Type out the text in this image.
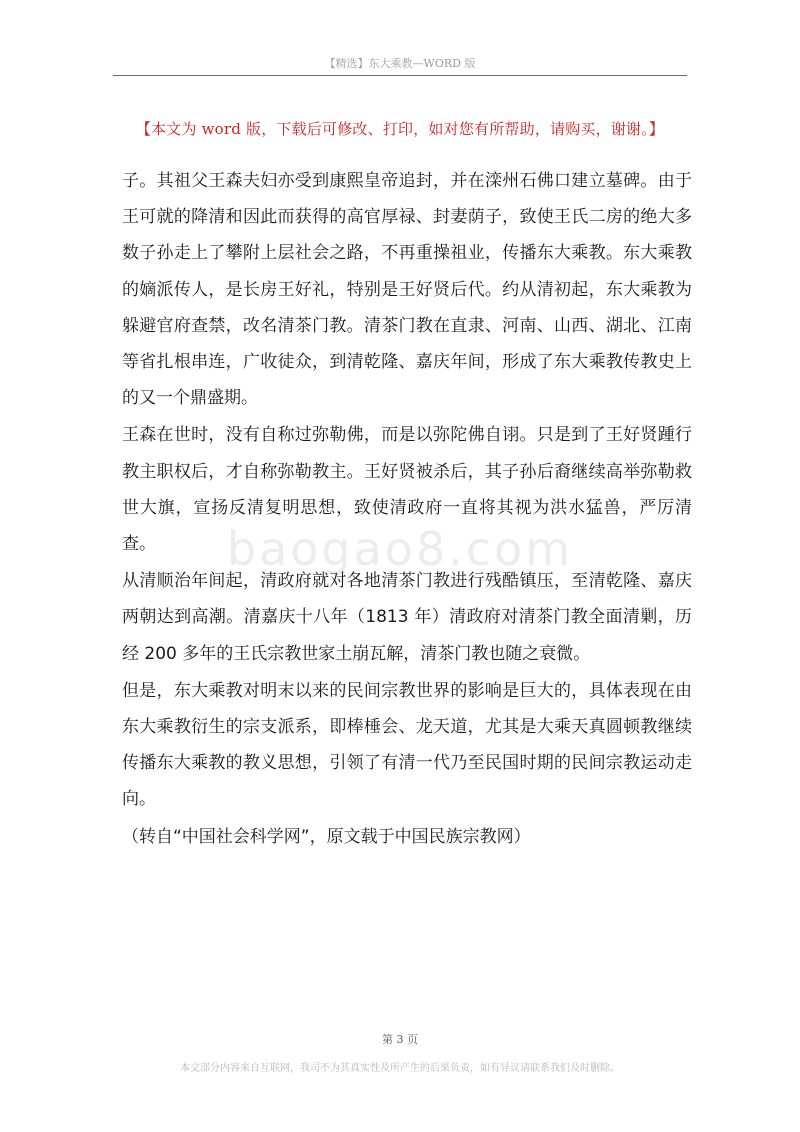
【精选】东大乘教—WORD 版
【本文为 word 版，下载后可修改、打印，如对您有所帮助，请购买，谢谢。】
baogao8.com

子。其祖父王森夫妇亦受到康熙皇帝追封，并在滦州石佛口建立墓碑。由于王可就的降清和因此而获得的高官厚禄、封妻荫子，致使王氏二房的绝大多数子孙走上了攀附上层社会之路，不再重操祖业，传播东大乘教。东大乘教的嫡派传人，是长房王好礼，特别是王好贤后代。约从清初起，东大乘教为躲避官府查禁，改名清茶门教。清茶门教在直隶、河南、山西、湖北、江南等省扎根串连，广收徒众，到清乾隆、嘉庆年间，形成了东大乘教传教史上的又一个鼎盛期。

王森在世时，没有自称过弥勒佛，而是以弥陀佛自诩。只是到了王好贤踵行教主职权后，才自称弥勒教主。王好贤被杀后，其子孙后裔继续高举弥勒救世大旗，宣扬反清复明思想，致使清政府一直将其视为洪水猛兽，严厉清查。

从清顺治年间起，清政府就对各地清茶门教进行残酷镇压，至清乾隆、嘉庆两朝达到高潮。清嘉庆十八年（1813 年）清政府对清茶门教全面清剿，历经 200 多年的王氏宗教世家土崩瓦解，清茶门教也随之衰微。

但是，东大乘教对明末以来的民间宗教世界的影响是巨大的，具体表现在由东大乘教衍生的宗支派系，即棒棰会、龙天道，尤其是大乘天真圆顿教继续传播东大乘教的教义思想，引领了有清一代乃至民国时期的民间宗教运动走向。

（转自“中国社会科学网”，原文载于中国民族宗教网）

第 3 页
本文部分内容来自互联网，我司不为其真实性及所产生的后果负责，如有异议请联系我们及时删除。
